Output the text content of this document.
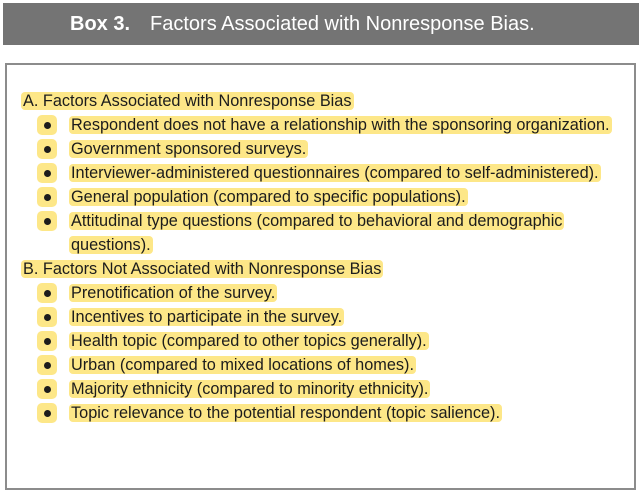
Box 3. Factors Associated with Nonresponse Bias.
A. Factors Associated with Nonresponse Bias
Respondent does not have a relationship with the sponsoring organization.
Government sponsored surveys.
Interviewer-administered questionnaires (compared to self-administered).
General population (compared to specific populations).
Attitudinal type questions (compared to behavioral and demographic questions).
B. Factors Not Associated with Nonresponse Bias
Prenotification of the survey.
Incentives to participate in the survey.
Health topic (compared to other topics generally).
Urban (compared to mixed locations of homes).
Majority ethnicity (compared to minority ethnicity).
Topic relevance to the potential respondent (topic salience).
